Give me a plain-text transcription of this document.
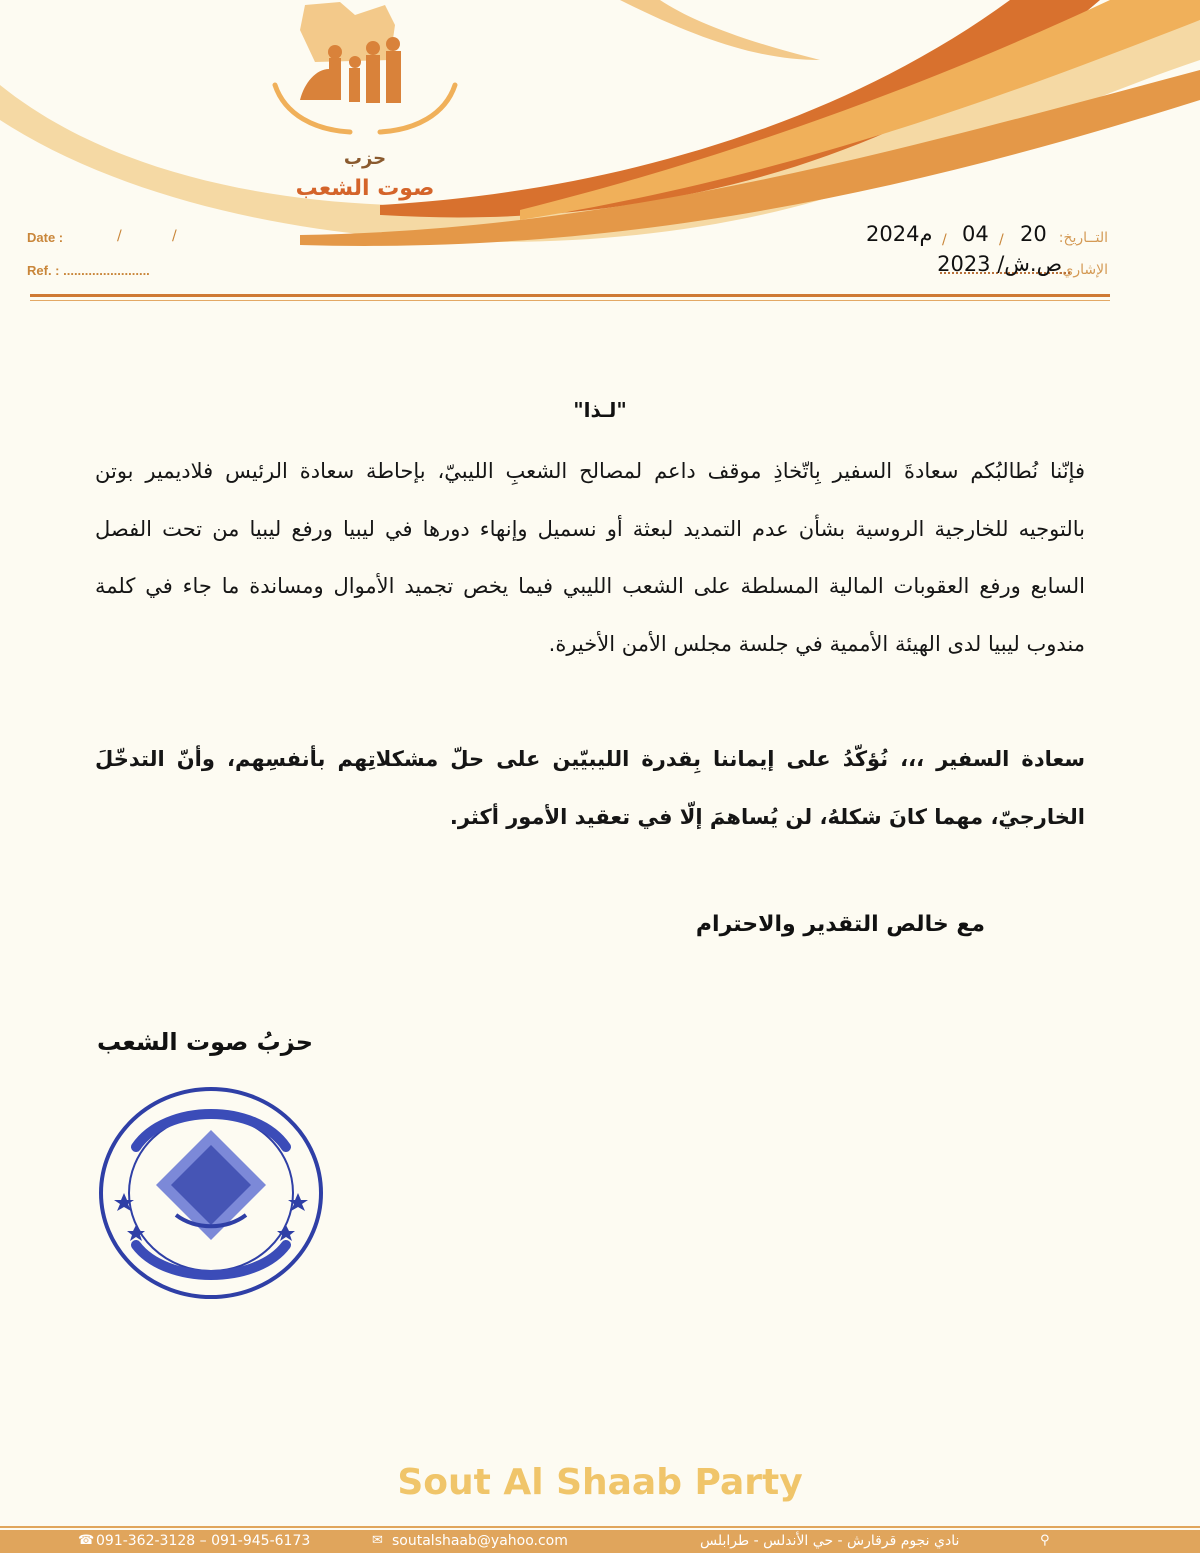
حزب
صوت الشعب
Date :	/	/
Ref. : ........................
التــاريخ:
20
/
04
/
2024م
الإشاري:
ص.ش/ 2023
"لـذا"
فإنّنا نُطالبُكم سعادةَ السفير بِاتّخاذِ موقف داعم لمصالح الشعبِ الليبيّ، بإحاطة سعادة الرئيس فلاديمير بوتن بالتوجيه للخارجية الروسية بشأن عدم التمديد لبعثة أو نسميل وإنهاء دورها في ليبيا ورفع ليبيا من تحت الفصل السابع ورفع العقوبات المالية المسلطة على الشعب الليبي فيما يخص تجميد الأموال ومساندة ما جاء في كلمة مندوب ليبيا لدى الهيئة الأممية في جلسة مجلس الأمن الأخيرة.
سعادة السفير ،،، نُؤكّدُ على إيماننا بِقدرة الليبيّين على حلّ مشكلاتِهم بأنفسِهم، وأنّ التدخّلَ الخارجيّ، مهما كانَ شكلهُ، لن يُساهمَ إلّا في تعقيد الأمور أكثر.
مع خالص التقدير والاحترام
حزبُ صوت الشعب
Sout Al Shaab Party
☎ 091-362-3128 – 091-945-6173	✉ soutalshaab@yahoo.com	نادي نجوم قرقارش - حي الأندلس - طرابلس	⚲
